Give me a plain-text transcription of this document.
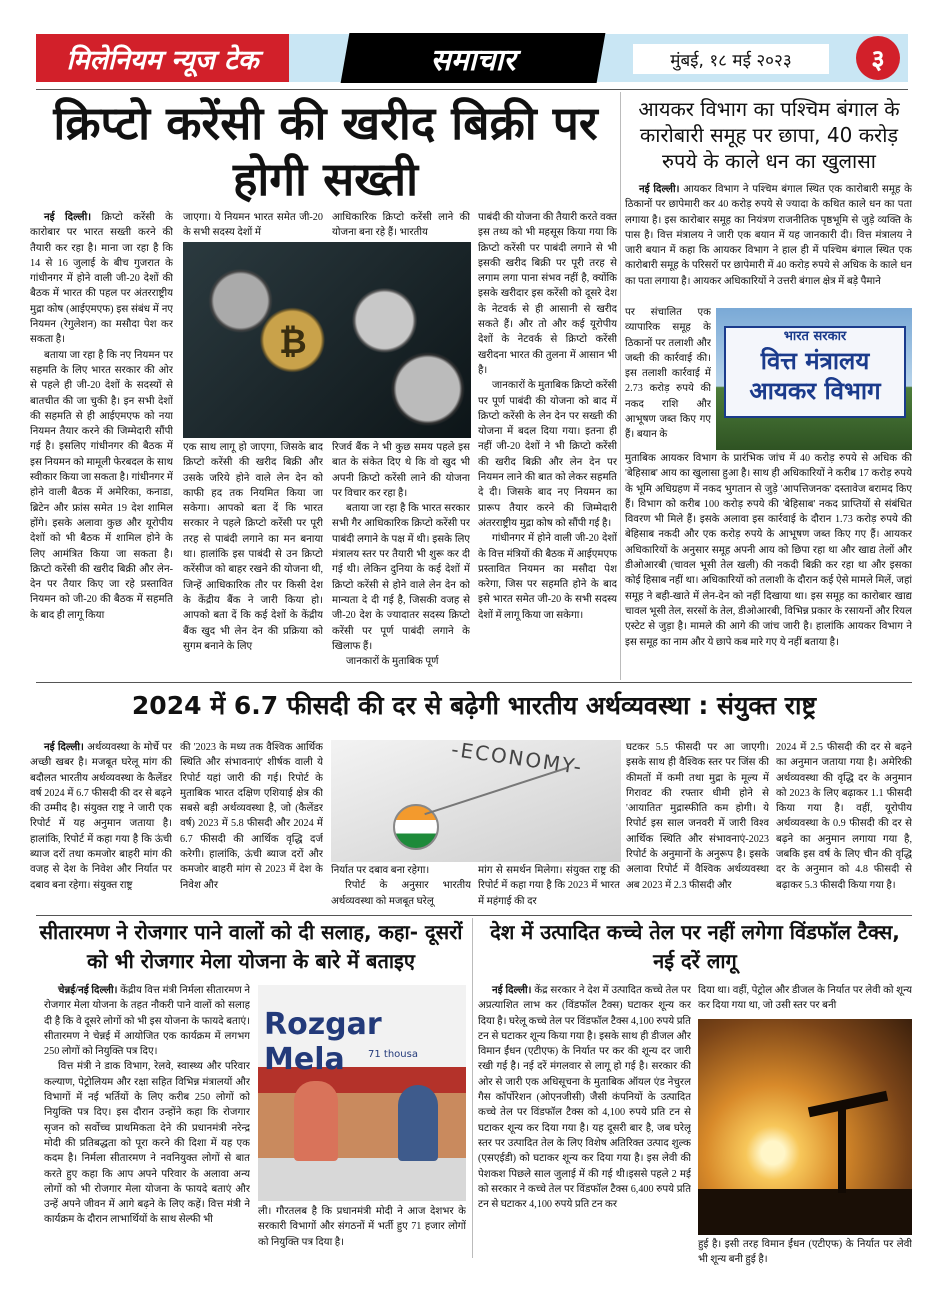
मिलेनियम न्यूज टेक	समाचार	मुंबई, १८ मई २०२३	३
क्रिप्टो करेंसी की खरीद बिक्री पर होगी सख्ती

नई दिल्ली। क्रिप्टो करेंसी के कारोबार पर भारत सख्ती करने की तैयारी कर रहा है। माना जा रहा है कि 14 से 16 जुलाई के बीच गुजरात के गांधीनगर में होने वाली जी-20 देशों की बैठक में भारत की पहल पर अंतरराष्ट्रीय मुद्रा कोष (आईएमएफ) इस संबंध में नए नियमन (रेगुलेशन) का मसौदा पेश कर सकता है।

बताया जा रहा है कि नए नियमन पर सहमति के लिए भारत सरकार की ओर से पहले ही जी-20 देशों के सदस्यों से बातचीत की जा चुकी है। इन सभी देशों की सहमति से ही आईएमएफ को नया नियमन तैयार करने की जिम्मेदारी सौंपी गई है। इसलिए गांधीनगर की बैठक में इस नियमन को मामूली फेरबदल के साथ स्वीकार किया जा सकता है। गांधीनगर में होने वाली बैठक में अमेरिका, कनाडा, ब्रिटेन और फ्रांस समेत 19 देश शामिल होंगे। इसके अलावा कुछ और यूरोपीय देशों को भी बैठक में शामिल होने के लिए आमंत्रित किया जा सकता है। क्रिप्टो करेंसी की खरीद बिक्री और लेन-देन पर तैयार किए जा रहे प्रस्तावित नियमन को जी-20 की बैठक में सहमति के बाद ही लागू किया

जाएगा। ये नियमन भारत समेत जी-20 के सभी सदस्य देशों में

आधिकारिक क्रिप्टो करेंसी लाने की योजना बना रहे हैं। भारतीय

₿

एक साथ लागू हो जाएगा, जिसके बाद क्रिप्टो करेंसी की खरीद बिक्री और उसके जरिये होने वाले लेन देन को काफी हद तक नियमित किया जा सकेगा। आपको बता दें कि भारत सरकार ने पहले क्रिप्टो करेंसी पर पूरी तरह से पाबंदी लगाने का मन बनाया था। हालांकि इस पाबंदी से उन क्रिप्टो करेंसीज को बाहर रखने की योजना थी, जिन्हें आधिकारिक तौर पर किसी देश के केंद्रीय बैंक ने जारी किया हो। आपको बता दें कि कई देशों के केंद्रीय बैंक खुद भी लेन देन की प्रक्रिया को सुगम बनाने के लिए

रिजर्व बैंक ने भी कुछ समय पहले इस बात के संकेत दिए थे कि वो खुद भी अपनी क्रिप्टो करेंसी लाने की योजना पर विचार कर रहा है।

बताया जा रहा है कि भारत सरकार सभी गैर आधिकारिक क्रिप्टो करेंसी पर पाबंदी लगाने के पक्ष में थी। इसके लिए मंत्रालय स्तर पर तैयारी भी शुरू कर दी गई थी। लेकिन दुनिया के कई देशों में क्रिप्टो करेंसी से होने वाले लेन देन को मान्यता दे दी गई है, जिसकी वजह से जी-20 देश के ज्यादातर सदस्य क्रिप्टो करेंसी पर पूर्ण पाबंदी लगाने के खिलाफ हैं।

जानकारों के मुताबिक पूर्ण

पाबंदी की योजना की तैयारी करते वक्त इस तथ्य को भी महसूस किया गया कि क्रिप्टो करेंसी पर पाबंदी लगाने से भी इसकी खरीद बिक्री पर पूरी तरह से लगाम लगा पाना संभव नहीं है, क्योंकि इसके खरीदार इस करेंसी को दूसरे देश के नेटवर्क से ही आसानी से खरीद सकते हैं। और तो और कई यूरोपीय देशों के नेटवर्क से क्रिप्टो करेंसी खरीदना भारत की तुलना में आसान भी है।

जानकारों के मुताबिक क्रिप्टो करेंसी पर पूर्ण पाबंदी की योजना को बाद में क्रिप्टो करेंसी के लेन देन पर सख्ती की योजना में बदल दिया गया। इतना ही नहीं जी-20 देशों ने भी क्रिप्टो करेंसी की खरीद बिक्री और लेन देन पर नियमन लाने की बात को लेकर सहमति दे दी। जिसके बाद नए नियमन का प्रारूप तैयार करने की जिम्मेदारी अंतरराष्ट्रीय मुद्रा कोष को सौंपी गई है।

गांधीनगर में होने वाली जी-20 देशों के वित्त मंत्रियों की बैठक में आईएमएफ प्रस्तावित नियमन का मसौदा पेश करेगा, जिस पर सहमति होने के बाद इसे भारत समेत जी-20 के सभी सदस्य देशों में लागू किया जा सकेगा।

आयकर विभाग का पश्चिम बंगाल के कारोबारी समूह पर छापा, 40 करोड़ रुपये के काले धन का खुलासा

नई दिल्ली। आयकर विभाग ने पश्चिम बंगाल स्थित एक कारोबारी समूह के ठिकानों पर छापेमारी कर 40 करोड़ रुपये से ज्यादा के कथित काले धन का पता लगाया है। इस कारोबार समूह का नियंत्रण राजनीतिक पृष्ठभूमि से जुड़े व्यक्ति के पास है। वित्त मंत्रालय ने जारी एक बयान में यह जानकारी दी। वित्त मंत्रालय ने जारी बयान में कहा कि आयकर विभाग ने हाल ही में पश्चिम बंगाल स्थित एक कारोबारी समूह के परिसरों पर छापेमारी में 40 करोड़ रुपये से अधिक के काले धन का पता लगाया है। आयकर अधिकारियों ने उत्तरी बंगाल क्षेत्र में बड़े पैमाने

पर संचालित एक व्यापारिक समूह के ठिकानों पर तलाशी और जब्ती की कार्रवाई की। इस तलाशी कार्रवाई में 2.73 करोड़ रुपये की नकद राशि और आभूषण जब्त किए गए हैं। बयान के

भारत सरकार
वित्त मंत्रालय
आयकर विभाग

मुताबिक आयकर विभाग के प्रारंभिक जांच में 40 करोड़ रुपये से अधिक की 'बेहिसाब' आय का खुलासा हुआ है। साथ ही अधिकारियों ने करीब 17 करोड़ रुपये के भूमि अधिग्रहण में नकद भुगतान से जुड़े 'आपत्तिजनक' दस्तावेज बरामद किए हैं। विभाग को करीब 100 करोड़ रुपये की 'बेहिसाब' नकद प्राप्तियों से संबंधित विवरण भी मिले हैं। इसके अलावा इस कार्रवाई के दौरान 1.73 करोड़ रुपये की बेहिसाब नकदी और एक करोड़ रुपये के आभूषण जब्त किए गए हैं। आयकर अधिकारियों के अनुसार समूह अपनी आय को छिपा रहा था और खाद्य तेलों और डीओआरबी (चावल भूसी तेल खली) की नकदी बिक्री कर रहा था और इसका कोई हिसाब नहीं था। अधिकारियों को तलाशी के दौरान कई ऐसे मामले मिलें, जहां समूह ने बही-खाते में लेन-देन को नहीं दिखाया था। इस समूह का कारोबार खाद्य चावल भूसी तेल, सरसों के तेल, डीओआरबी, विभिन्न प्रकार के रसायनों और रियल एस्टेट से जुड़ा है। मामले की आगे की जांच जारी है। हालांकि आयकर विभाग ने इस समूह का नाम और ये छापे कब मारे गए ये नहीं बताया है।

2024 में 6.7 फीसदी की दर से बढ़ेगी भारतीय अर्थव्यवस्था : संयुक्त राष्ट्र

नई दिल्ली। अर्थव्यवस्था के मोर्चे पर अच्छी खबर है। मजबूत घरेलू मांग की बदौलत भारतीय अर्थव्यवस्था के कैलेंडर वर्ष 2024 में 6.7 फीसदी की दर से बढ़ने की उम्मीद है। संयुक्त राष्ट्र ने जारी एक रिपोर्ट में यह अनुमान जताया है। हालांकि, रिपोर्ट में कहा गया है कि ऊंची ब्याज दरों तथा कमजोर बाहरी मांग की वजह से देश के निवेश और निर्यात पर दबाव बना रहेगा। संयुक्त राष्ट्र

की '2023 के मध्य तक वैश्विक आर्थिक स्थिति और संभावनाएं' शीर्षक वाली ये रिपोर्ट यहां जारी की गई। रिपोर्ट के मुताबिक भारत दक्षिण एशियाई क्षेत्र की सबसे बड़ी अर्थव्यवस्था है, जो (कैलेंडर वर्ष) 2023 में 5.8 फीसदी और 2024 में 6.7 फीसदी की आर्थिक वृद्धि दर्ज करेगी। हालांकि, ऊंची ब्याज दरों और कमजोर बाहरी मांग से 2023 में देश के निवेश और

-ECONOMY-

निर्यात पर दबाव बना रहेगा।

रिपोर्ट के अनुसार भारतीय अर्थव्यवस्था को मजबूत घरेलू

मांग से समर्थन मिलेगा। संयुक्त राष्ट्र की रिपोर्ट में कहा गया है कि 2023 में भारत में महंगाई की दर

घटकर 5.5 फीसदी पर आ जाएगी। इसके साथ ही वैश्विक स्तर पर जिंस की कीमतों में कमी तथा मुद्रा के मूल्य में गिरावट की रफ्तार धीमी होने से 'आयातित' मुद्रास्फीति कम होगी। ये रिपोर्ट इस साल जनवरी में जारी विश्व आर्थिक स्थिति और संभावनाएं-2023 रिपोर्ट के अनुमानों के अनुरूप है। इसके अलावा रिपोर्ट में वैश्विक अर्थव्यवस्था अब 2023 में 2.3 फीसदी और

2024 में 2.5 फीसदी की दर से बढ़ने का अनुमान जताया गया है। अमेरिकी अर्थव्यवस्था की वृद्धि दर के अनुमान को 2023 के लिए बढ़ाकर 1.1 फीसदी किया गया है। वहीं, यूरोपीय अर्थव्यवस्था के 0.9 फीसदी की दर से बढ़ने का अनुमान लगाया गया है, जबकि इस वर्ष के लिए चीन की वृद्धि दर के अनुमान को 4.8 फीसदी से बढ़ाकर 5.3 फीसदी किया गया है।

सीतारमण ने रोजगार पाने वालों को दी सलाह, कहा- दूसरों को भी रोजगार मेला योजना के बारे में बताइए

चेन्नई/नई दिल्ली। केंद्रीय वित्त मंत्री निर्मला सीतारमण ने रोजगार मेला योजना के तहत नौकरी पाने वालों को सलाह दी है कि वे दूसरे लोगों को भी इस योजना के फायदे बताएं। सीतारमण ने चेन्नई में आयोजित एक कार्यक्रम में लगभग 250 लोगों को नियुक्ति पत्र दिए।

वित्त मंत्री ने डाक विभाग, रेलवे, स्वास्थ्य और परिवार कल्याण, पेट्रोलियम और रक्षा सहित विभिन्न मंत्रालयों और विभागों में नई भर्तियों के लिए करीब 250 लोगों को नियुक्ति पत्र दिए। इस दौरान उन्होंने कहा कि रोजगार सृजन को सर्वोच्च प्राथमिकता देने की प्रधानमंत्री नरेन्द्र मोदी की प्रतिबद्धता को पूरा करने की दिशा में यह एक कदम है। निर्मला सीतारमण ने नवनियुक्त लोगों से बात करते हुए कहा कि आप अपने परिवार के अलावा अन्य लोगों को भी रोजगार मेला योजना के फायदे बताएं और उन्हें अपने जीवन में आगे बढ़ने के लिए कहें। वित्त मंत्री ने कार्यक्रम के दौरान लाभार्थियों के साथ सेल्फी भी

Rozgar Mela	71 thousa

ली। गौरतलब है कि प्रधानमंत्री मोदी ने आज देशभर के सरकारी विभागों और संगठनों में भर्ती हुए 71 हजार लोगों को नियुक्ति पत्र दिया है।

देश में उत्पादित कच्चे तेल पर नहीं लगेगा विंडफॉल टैक्स, नई दरें लागू

नई दिल्ली। केंद्र सरकार ने देश में उत्पादित कच्चे तेल पर अप्रत्याशित लाभ कर (विंडफॉल टैक्स) घटाकर शून्य कर दिया है। घरेलू कच्चे तेल पर विंडफॉल टैक्स 4,100 रुपये प्रति टन से घटाकर शून्य किया गया है। इसके साथ ही डीजल और विमान ईंधन (एटीएफ) के निर्यात पर कर की शून्य दर जारी रखी गई है। नई दरें मंगलवार से लागू हो गई है। सरकार की ओर से जारी एक अधिसूचना के मुताबिक ऑयल एंड नेचुरल गैस कॉर्पोरेशन (ओएनजीसी) जैसी कंपनियों के उत्पादित कच्चे तेल पर विंडफॉल टैक्स को 4,100 रुपये प्रति टन से घटाकर शून्य कर दिया गया है। यह दूसरी बार है, जब घरेलू स्तर पर उत्पादित तेल के लिए विशेष अतिरिक्त उत्पाद शुल्क (एसएईडी) को घटाकर शून्य कर दिया गया है। इस लेवी की पेशकश पिछले साल जुलाई में की गई थी।इससे पहले 2 मई को सरकार ने कच्चे तेल पर विंडफॉल टैक्स 6,400 रुपये प्रति टन से घटाकर 4,100 रुपये प्रति टन कर

दिया था। वहीं, पेट्रोल और डीजल के निर्यात पर लेवी को शून्य कर दिया गया था, जो उसी स्तर पर बनी

हुई है। इसी तरह विमान ईंधन (एटीएफ) के निर्यात पर लेवी भी शून्य बनी हुई है।
